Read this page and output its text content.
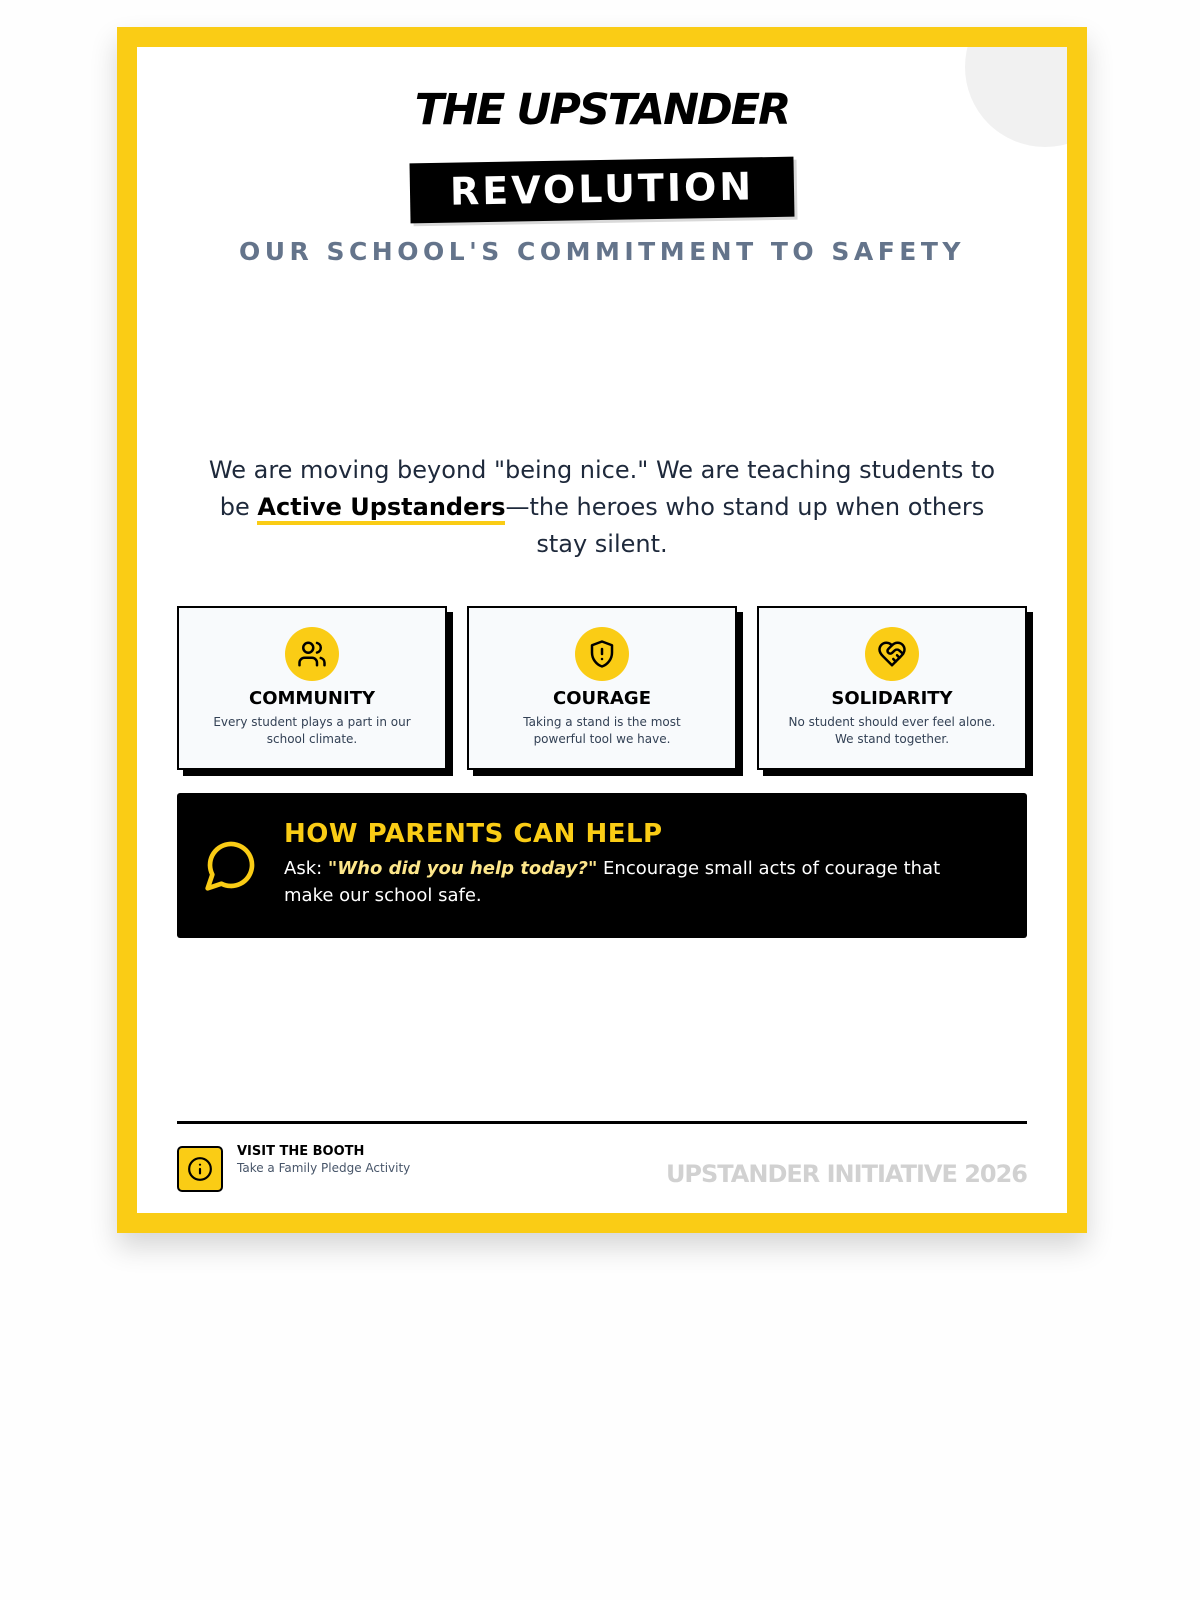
THE UPSTANDER
REVOLUTION
OUR SCHOOL'S COMMITMENT TO SAFETY
We are moving beyond "being nice." We are teaching students to be Active Upstanders—the heroes who stand up when others stay silent.
COMMUNITY
Every student plays a part in our school climate.
COURAGE
Taking a stand is the most powerful tool we have.
SOLIDARITY
No student should ever feel alone. We stand together.
HOW PARENTS CAN HELP
Ask: "Who did you help today?" Encourage small acts of courage that make our school safe.
VISIT THE BOOTH
Take a Family Pledge Activity	UPSTANDER INITIATIVE 2026
